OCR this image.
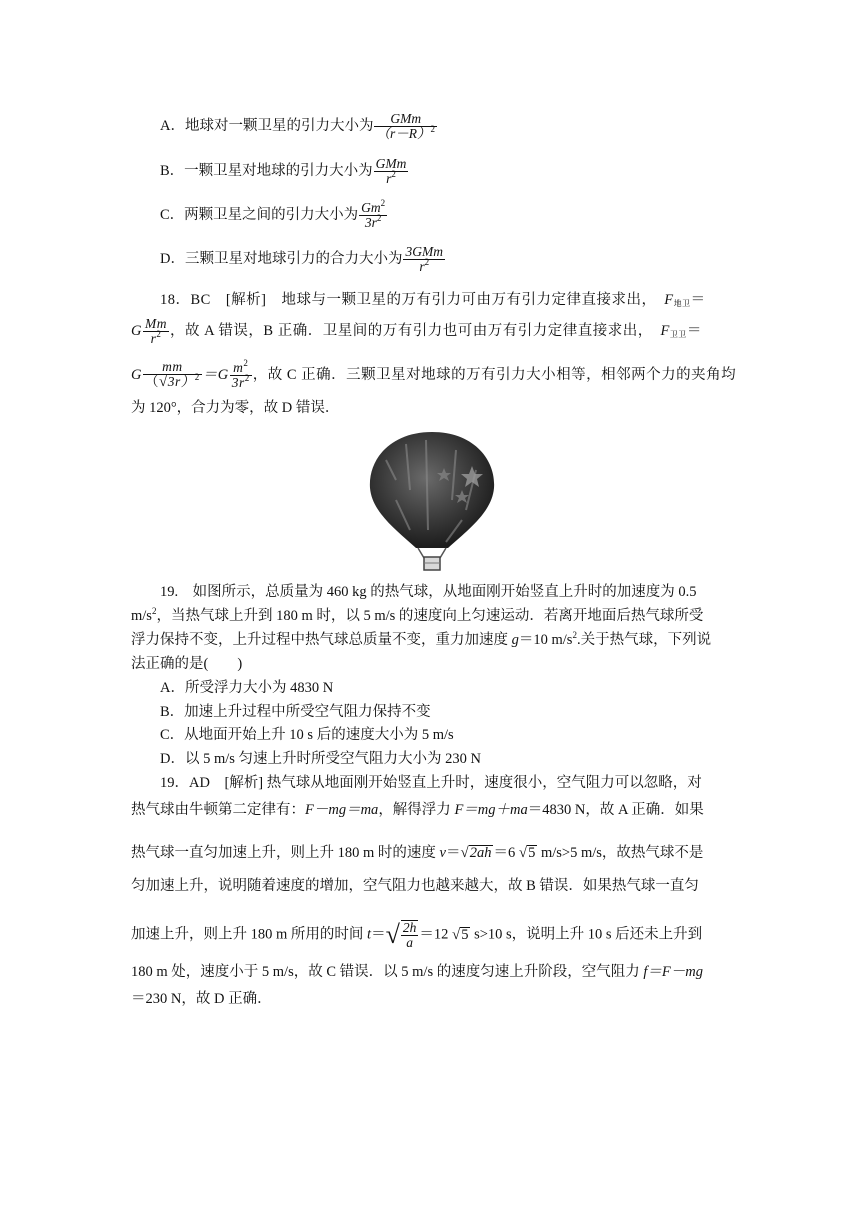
A．地球对一颗卫星的引力大小为 $\frac{\text{GMm}}{(r-R)^2}$
B．一颗卫星对地球的引力大小为 $\frac{\text{GMm}}{r^2}$
C．两颗卫星之间的引力大小为 $\frac{Gm^2}{3r^2}$
D．三颗卫星对地球引力的合力大小为 $\frac{\text{3GMm}}{r^2}$
18．BC　[解析]　地球与一颗卫星的万有引力可由万有引力定律直接求出，　 $F_{地卫}=$
G $\frac{Mm}{r^2}$ ，故 A 错误，B 正确．卫星间的万有引力也可由万有引力定律直接求出，　 $F_{卫卫}=$
G $\frac{mm}{(√3r)^2} =G \frac{m^2}{3r^2}$ ，故 C 正确．三颗卫星对地球的万有引力大小相等，相邻两个力的夹角均
为 120°，合力为零，故 D 错误．
19.　如图所示，总质量为 460 kg 的热气球，从地面刚开始竖直上升时的加速度为 0.5
$m/s^2$，当热气球上升到 180 m 时，以 5 m/s 的速度向上匀速运动．若离开地面后热气球所受
浮力保持不变，上升过程中热气球总质量不变，重力加速度 g＝10 $m/s^2$.关于热气球，下列说
法正确的是(　　)
A．所受浮力大小为 4830 N
B．加速上升过程中所受空气阻力保持不变
C．从地面开始上升 10 s 后的速度大小为 5 m/s
D．以 5 m/s 匀速上升时所受空气阻力大小为 230 N
19．AD　[解析] 热气球从地面刚开始竖直上升时，速度很小，空气阻力可以忽略，对
热气球由牛顿第二定律有：F－mg＝ma，解得浮力 F＝mg＋ma＝4830 N，故 A 正确．如果
热气球一直匀加速上升，则上升 180 m 时的速度 v＝√2ah ＝6 √5 m/s>5 m/s，故热气球不是
匀加速上升，说明随着速度的增加，空气阻力也越来越大，故 B 错误．如果热气球一直匀
加速上升，则上升 180 m 所用的时间 $t=√ \frac{2h}{a} =12$ √5 s>10 s，说明上升 10 s 后还未上升到
180 m 处，速度小于 5 m/s，故 C 错误．以 5 m/s 的速度匀速上升阶段，空气阻力 f＝F－mg
＝230 N，故 D 正确．
